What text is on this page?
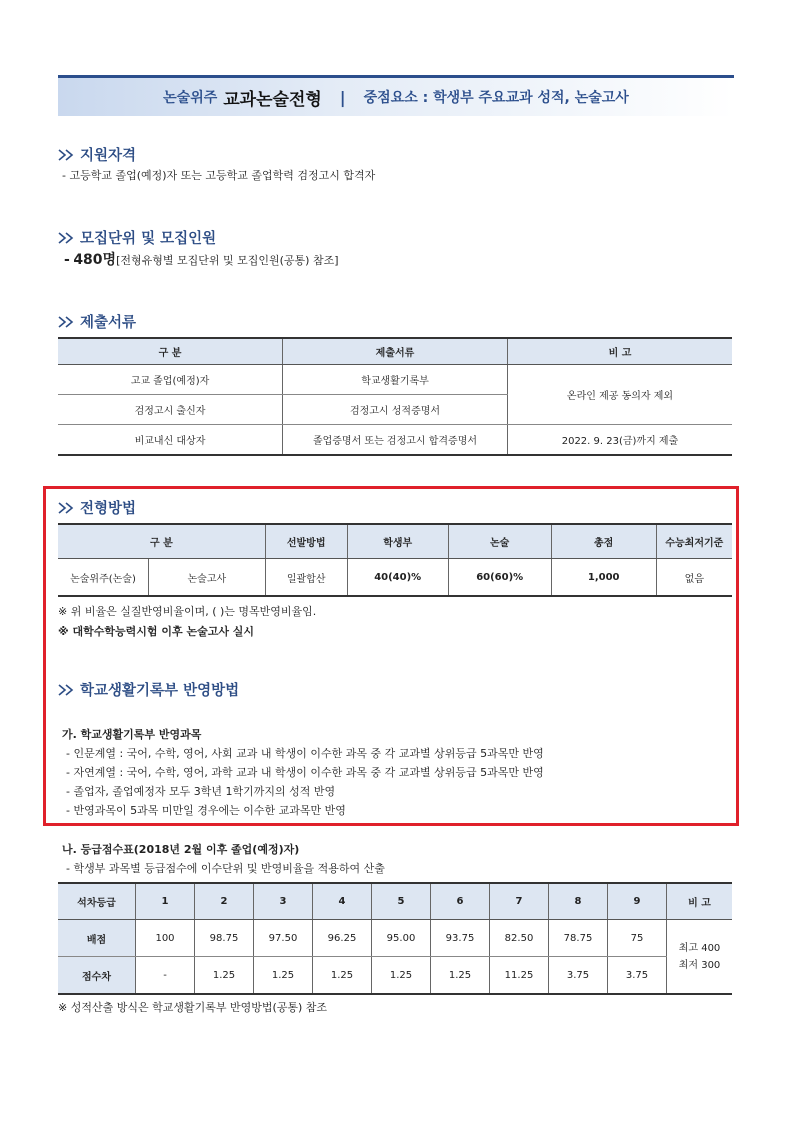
논술위주 교과논술전형 | 중점요소 : 학생부 주요교과 성적, 논술고사
지원자격
- 고등학교 졸업(예정)자 또는 고등학교 졸업학력 검정고시 합격자
모집단위 및 모집인원
- 480명[전형유형별 모집단위 및 모집인원(공통) 참조]
제출서류
구 분	제출서류	비 고
고교 졸업(예정)자	학교생활기록부	온라인 제공 동의자 제외
검정고시 출신자	검정고시 성적증명서	
비교내신 대상자	졸업증명서 또는 검정고시 합격증명서	2022. 9. 23(금)까지 제출
전형방법
구 분		선발방법	학생부	논술	총점	수능최저기준
논술위주(논술)	논술고사	일괄합산	40(40)%	60(60)%	1,000	없음
※ 위 비율은 실질반영비율이며, ( )는 명목반영비율임.
※ 대학수학능력시험 이후 논술고사 실시
학교생활기록부 반영방법
가. 학교생활기록부 반영과목
- 인문계열 : 국어, 수학, 영어, 사회 교과 내 학생이 이수한 과목 중 각 교과별 상위등급 5과목만 반영
- 자연계열 : 국어, 수학, 영어, 과학 교과 내 학생이 이수한 과목 중 각 교과별 상위등급 5과목만 반영
- 졸업자, 졸업예정자 모두 3학년 1학기까지의 성적 반영
- 반영과목이 5과목 미만일 경우에는 이수한 교과목만 반영
나. 등급점수표(2018년 2월 이후 졸업(예정)자)
- 학생부 과목별 등급점수에 이수단위 및 반영비율을 적용하여 산출
석차등급	1	2	3	4	5	6	7	8	9	비 고
배점	100	98.75	97.50	96.25	95.00	93.75	82.50	78.75	75	최고 400
최저 300

점수차	-	1.25	1.25	1.25	1.25	1.25	11.25	3.75	3.75	
※ 성적산출 방식은 학교생활기록부 반영방법(공통) 참조
